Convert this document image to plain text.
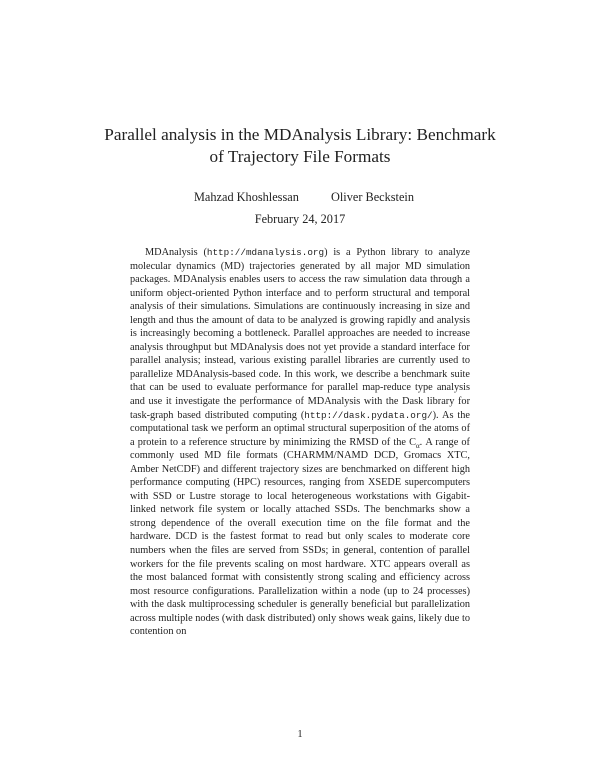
Parallel analysis in the MDAnalysis Library: Benchmark of Trajectory File Formats
Mahzad Khoshlessan	Oliver Beckstein
February 24, 2017

MDAnalysis (http://mdanalysis.org) is a Python library to analyze molecular dynamics (MD) trajectories generated by all major MD simulation packages. MDAnalysis enables users to access the raw simulation data through a uniform object-oriented Python interface and to perform structural and temporal analysis of their simulations. Simulations are continuously increasing in size and length and thus the amount of data to be analyzed is growing rapidly and analysis is increasingly becoming a bottleneck. Parallel approaches are needed to increase analysis throughput but MDAnalysis does not yet provide a standard interface for parallel analysis; instead, various existing parallel libraries are currently used to parallelize MDAnalysis-based code. In this work, we describe a benchmark suite that can be used to evaluate performance for parallel map-reduce type analysis and use it investigate the performance of MDAnalysis with the Dask library for task-graph based distributed computing (http://dask.pydata.org/). As the computational task we perform an optimal structural superposition of the atoms of a protein to a reference structure by minimizing the RMSD of the $C_\alpha$. A range of commonly used MD file formats (CHARMM/NAMD DCD, Gromacs XTC, Amber NetCDF) and different trajectory sizes are benchmarked on different high performance computing (HPC) resources, ranging from XSEDE supercomputers with SSD or Lustre storage to local heterogeneous workstations with Gigabit-linked network file system or locally attached SSDs. The benchmarks show a strong dependence of the overall execution time on the file format and the hardware. DCD is the fastest format to read but only scales to moderate core numbers when the files are served from SSDs; in general, contention of parallel workers for the file prevents scaling on most hardware. XTC appears overall as the most balanced format with consistently strong scaling and efficiency across most resource configurations. Parallelization within a node (up to 24 processes) with the dask multiprocessing scheduler is generally beneficial but parallelization across multiple nodes (with dask distributed) only shows weak gains, likely due to contention on

1
